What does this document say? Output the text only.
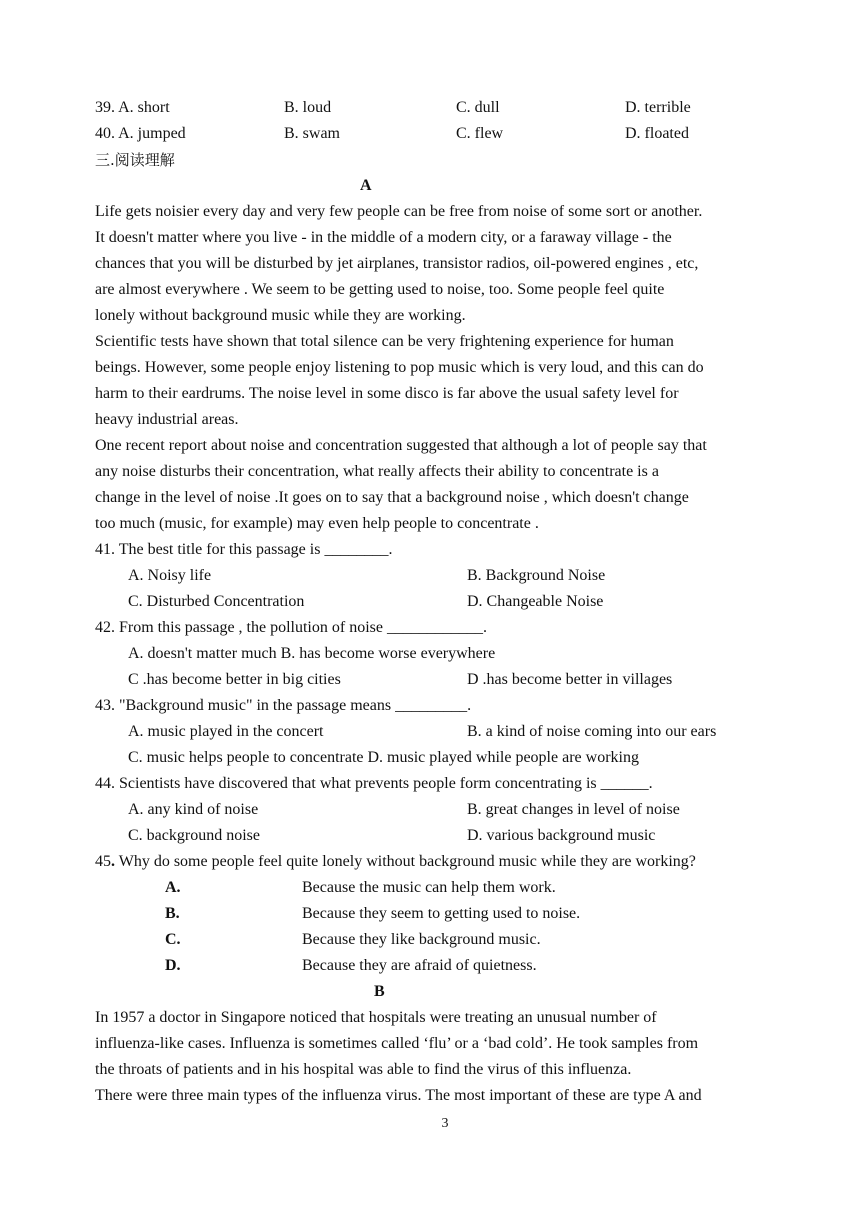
39. A. short	B. loud	C. dull	D. terrible
40. A. jumped	B. swam	C. flew	D. floated
三.阅读理解
A
Life gets noisier every day and very few people can be free from noise of some sort or another.
It doesn't matter where you live - in the middle of a modern city, or a faraway village - the
chances that you will be disturbed by jet airplanes, transistor radios, oil-powered engines , etc,
are almost everywhere . We seem to be getting used to noise, too. Some people feel quite
lonely without background music while they are working.
Scientific tests have shown that total silence can be very frightening experience for human
beings. However, some people enjoy listening to pop music which is very loud, and this can do
harm to their eardrums. The noise level in some disco is far above the usual safety level for
heavy industrial areas.
One recent report about noise and concentration suggested that although a lot of people say that
any noise disturbs their concentration, what really affects their ability to concentrate is a
change in the level of noise .It goes on to say that a background noise , which doesn't change
too much (music, for example) may even help people to concentrate .
41. The best title for this passage is ________.
A. Noisy life	B. Background Noise
C. Disturbed Concentration	D. Changeable Noise
42. From this passage , the pollution of noise ____________.
A. doesn't matter much B. has become worse everywhere
C .has become better in big cities	D .has become better in villages
43. "Background music" in the passage means _________.
A. music played in the concert	B. a kind of noise coming into our ears
C. music helps people to concentrate D. music played while people are working
44. Scientists have discovered that what prevents people form concentrating is ______.
A. any kind of noise	B. great changes in level of noise
C. background noise	D. various background music
45. Why do some people feel quite lonely without background music while they are working?
A.	Because the music can help them work.
B.	Because they seem to getting used to noise.
C.	Because they like background music.
D.	Because they are afraid of quietness.
B
In 1957 a doctor in Singapore noticed that hospitals were treating an unusual number of
influenza-like cases. Influenza is sometimes called ‘flu’ or a ‘bad cold’. He took samples from
the throats of patients and in his hospital was able to find the virus of this influenza.
There were three main types of the influenza virus. The most important of these are type A and
3
